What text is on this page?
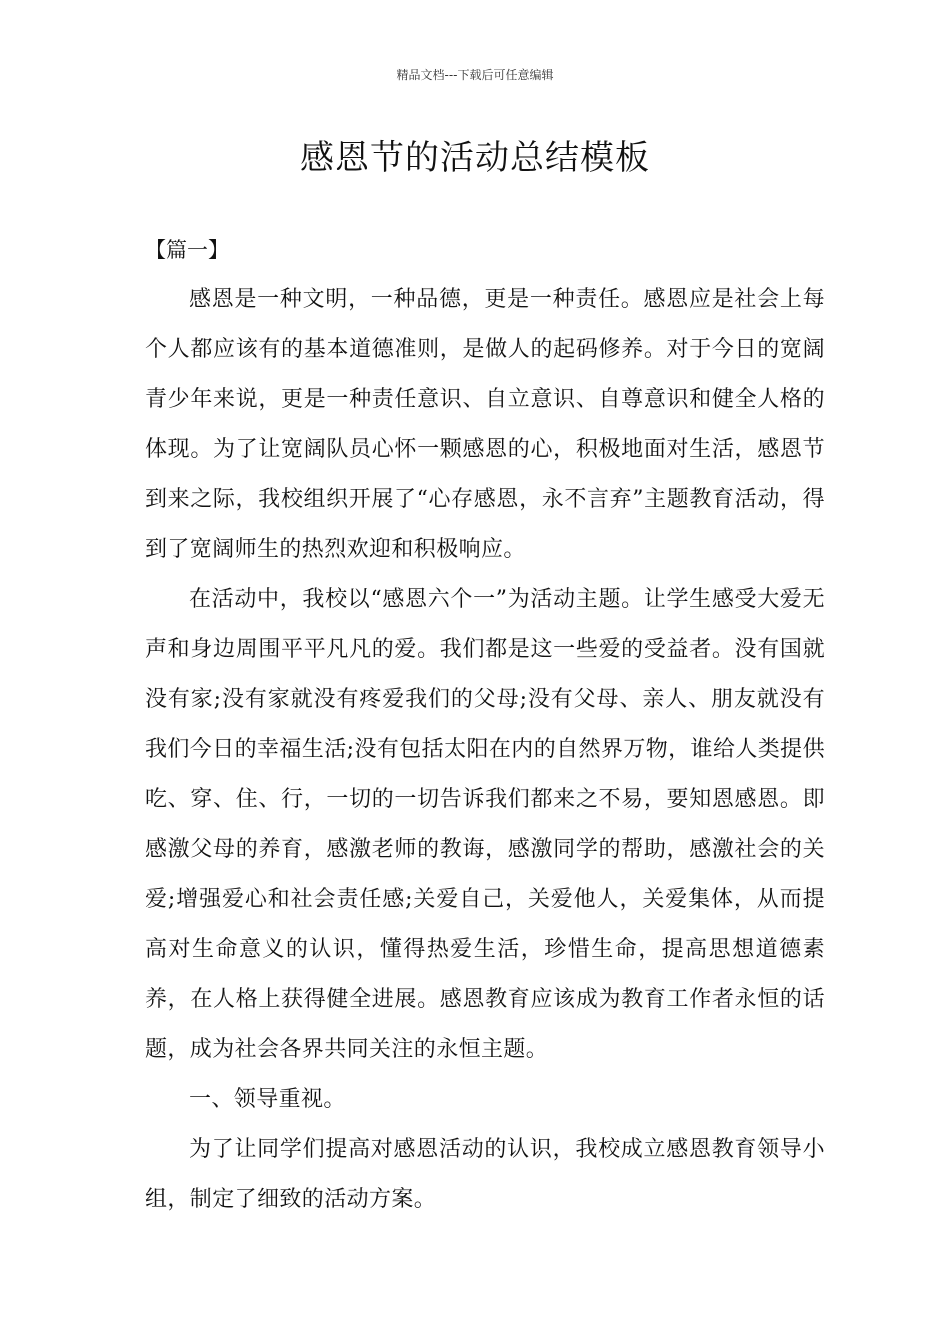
精品文档---下载后可任意编辑
感恩节的活动总结模板

【篇一】

感恩是一种文明，一种品德，更是一种责任。感恩应是社会上每个人都应该有的基本道德准则，是做人的起码修养。对于今日的宽阔青少年来说，更是一种责任意识、自立意识、自尊意识和健全人格的体现。为了让宽阔队员心怀一颗感恩的心，积极地面对生活，感恩节到来之际，我校组织开展了“心存感恩，永不言弃”主题教育活动，得到了宽阔师生的热烈欢迎和积极响应。

在活动中，我校以“感恩六个一”为活动主题。让学生感受大爱无声和身边周围平平凡凡的爱。我们都是这一些爱的受益者。没有国就没有家;没有家就没有疼爱我们的父母;没有父母、亲人、朋友就没有我们今日的幸福生活;没有包括太阳在内的自然界万物，谁给人类提供吃、穿、住、行，一切的一切告诉我们都来之不易，要知恩感恩。即感激父母的养育，感激老师的教诲，感激同学的帮助，感激社会的关爱;增强爱心和社会责任感;关爱自己，关爱他人，关爱集体，从而提高对生命意义的认识，懂得热爱生活，珍惜生命，提高思想道德素养，在人格上获得健全进展。感恩教育应该成为教育工作者永恒的话题，成为社会各界共同关注的永恒主题。

一、领导重视。

为了让同学们提高对感恩活动的认识，我校成立感恩教育领导小组，制定了细致的活动方案。
